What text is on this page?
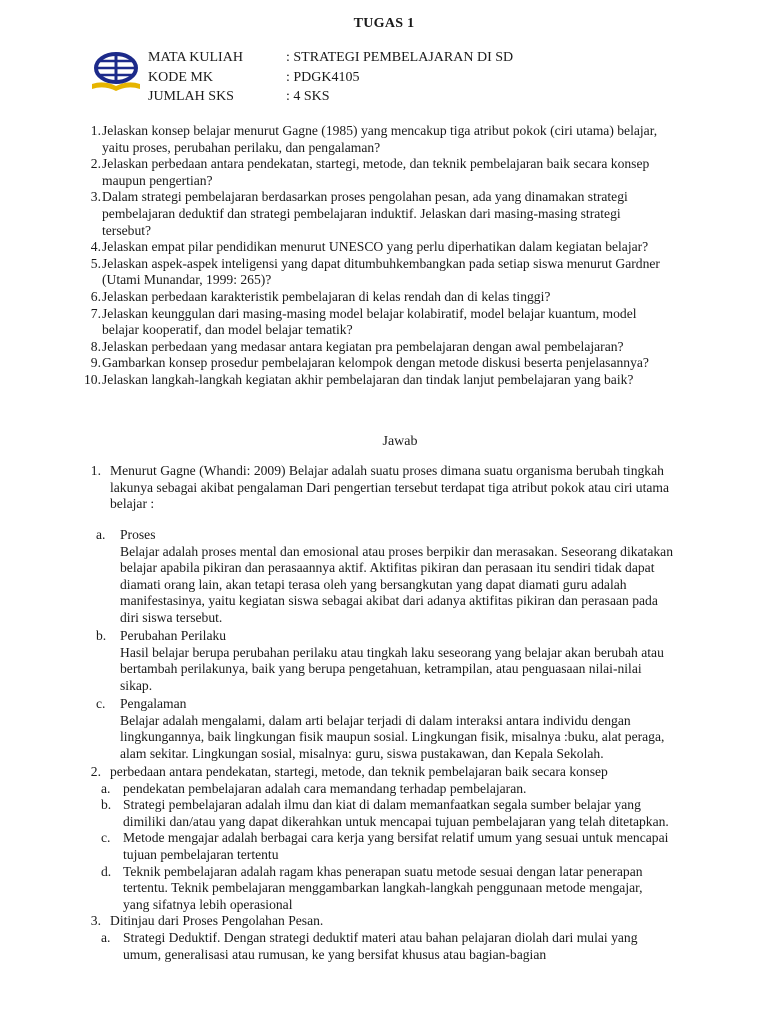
TUGAS 1
MATA KULIAH	: STRATEGI PEMBELAJARAN DI SD
KODE MK	: PDGK4105
JUMLAH SKS	: 4 SKS
1. Jelaskan konsep belajar menurut Gagne (1985) yang mencakup tiga atribut pokok (ciri utama) belajar,
yaitu proses, perubahan perilaku, dan pengalaman?
2. Jelaskan perbedaan antara pendekatan, startegi, metode, dan teknik pembelajaran baik secara konsep
maupun pengertian?
3. Dalam strategi pembelajaran berdasarkan proses pengolahan pesan, ada yang dinamakan strategi
pembelajaran deduktif dan strategi pembelajaran induktif. Jelaskan dari masing-masing strategi
tersebut?
4. Jelaskan empat pilar pendidikan menurut UNESCO yang perlu diperhatikan dalam kegiatan belajar?
5. Jelaskan aspek-aspek inteligensi yang dapat ditumbuhkembangkan pada setiap siswa menurut Gardner
(Utami Munandar, 1999: 265)?
6. Jelaskan perbedaan karakteristik pembelajaran di kelas rendah dan di kelas tinggi?
7. Jelaskan keunggulan dari masing-masing model belajar kolabiratif, model belajar kuantum, model
belajar kooperatif, dan model belajar tematik?
8. Jelaskan perbedaan yang medasar antara kegiatan pra pembelajaran dengan awal pembelajaran?
9. Gambarkan konsep prosedur pembelajaran kelompok dengan metode diskusi beserta penjelasannya?
10. Jelaskan langkah-langkah kegiatan akhir pembelajaran dan tindak lanjut pembelajaran yang baik?
Jawab
1. Menurut Gagne (Whandi: 2009) Belajar adalah suatu proses dimana suatu organisma berubah tingkah
lakunya sebagai akibat pengalaman Dari pengertian tersebut terdapat tiga atribut pokok atau ciri utama
belajar :
a.	Proses
Belajar adalah proses mental dan emosional atau proses berpikir dan merasakan. Seseorang dikatakan
belajar apabila pikiran dan perasaannya aktif. Aktifitas pikiran dan perasaan itu sendiri tidak dapat
diamati orang lain, akan tetapi terasa oleh yang bersangkutan yang dapat diamati guru adalah
manifestasinya, yaitu kegiatan siswa sebagai akibat dari adanya aktifitas pikiran dan perasaan pada
diri siswa tersebut.
b.	Perubahan Perilaku
Hasil belajar berupa perubahan perilaku atau tingkah laku seseorang yang belajar akan berubah atau
bertambah perilakunya, baik yang berupa pengetahuan, ketrampilan, atau penguasaan nilai-nilai
sikap.
c.	Pengalaman
Belajar adalah mengalami, dalam arti belajar terjadi di dalam interaksi antara individu dengan
lingkungannya, baik lingkungan fisik maupun sosial. Lingkungan fisik, misalnya :buku, alat peraga,
alam sekitar. Lingkungan sosial, misalnya: guru, siswa pustakawan, dan Kepala Sekolah.
2. perbedaan antara pendekatan, startegi, metode, dan teknik pembelajaran baik secara konsep
a. pendekatan pembelajaran adalah cara memandang terhadap pembelajaran.
b. Strategi pembelajaran adalah ilmu dan kiat di dalam memanfaatkan segala sumber belajar yang
dimiliki dan/atau yang dapat dikerahkan untuk mencapai tujuan pembelajaran yang telah ditetapkan.
c. Metode mengajar adalah berbagai cara kerja yang bersifat relatif umum yang sesuai untuk mencapai
tujuan pembelajaran tertentu
d. Teknik pembelajaran adalah ragam khas penerapan suatu metode sesuai dengan latar penerapan
tertentu. Teknik pembelajaran menggambarkan langkah-langkah penggunaan metode mengajar,
yang sifatnya lebih operasional
3. Ditinjau dari Proses Pengolahan Pesan.
a. Strategi Deduktif. Dengan strategi deduktif materi atau bahan pelajaran diolah dari mulai yang
umum, generalisasi atau rumusan, ke yang bersifat khusus atau bagian-bagian
